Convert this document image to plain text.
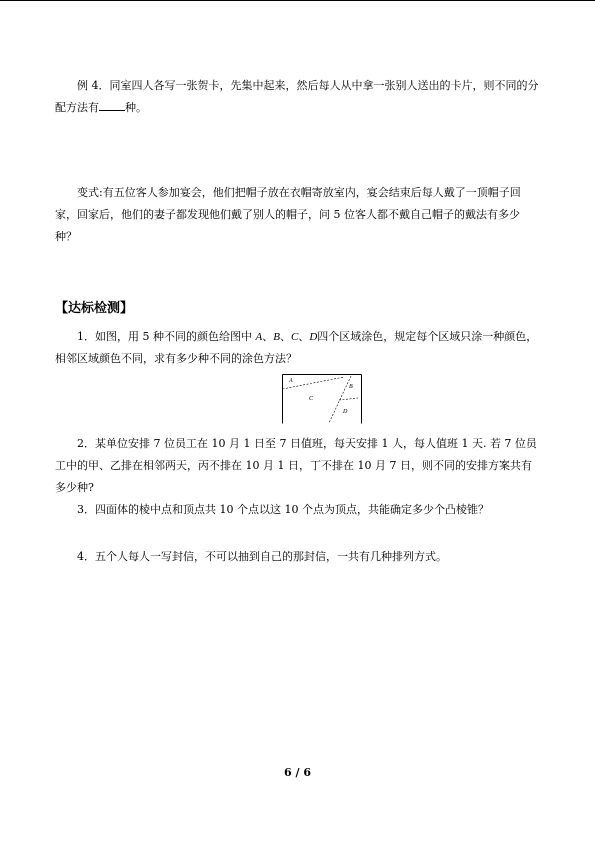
例 4．同室四人各写一张贺卡，先集中起来，然后每人从中拿一张别人送出的卡片，则不同的分配方法有 种。

变式:有五位客人参加宴会，他们把帽子放在衣帽寄放室内，宴会结束后每人戴了一顶帽子回家，回家后，他们的妻子都发现他们戴了别人的帽子，问 5 位客人都不戴自己帽子的戴法有多少种？

【达标检测】

1．如图，用 5 种不同的颜色给图中 A、B、C、D四个区域涂色，规定每个区域只涂一种颜色，相邻区域颜色不同，求有多少种不同的涂色方法？

A
B
C
D

2．某单位安排 7 位员工在 10 月 1 日至 7 日值班，每天安排 1 人，每人值班 1 天. 若 7 位员工中的甲、乙排在相邻两天，丙不排在 10 月 1 日，丁不排在 10 月 7 日，则不同的安排方案共有多少种?

3．四面体的棱中点和顶点共 10 个点以这 10 个点为顶点，共能确定多少个凸棱锥？

4．五个人每人一写封信，不可以抽到自己的那封信，一共有几种排列方式。

6 / 6
